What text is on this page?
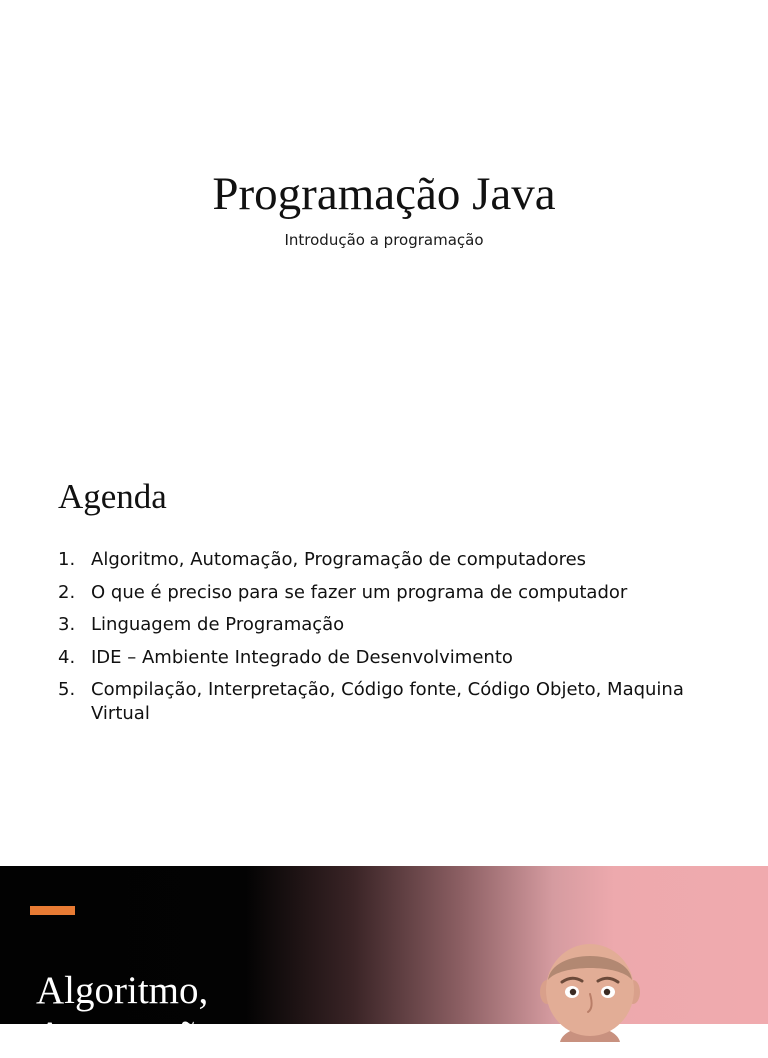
Programação Java
Introdução a programação
Agenda
1. Algoritmo, Automação, Programação de computadores
2. O que é preciso para se fazer um programa de computador
3. Linguagem de Programação
4. IDE – Ambiente Integrado de Desenvolvimento
5. Compilação, Interpretação, Código fonte, Código Objeto, Maquina Virtual
Algoritmo, Automação
